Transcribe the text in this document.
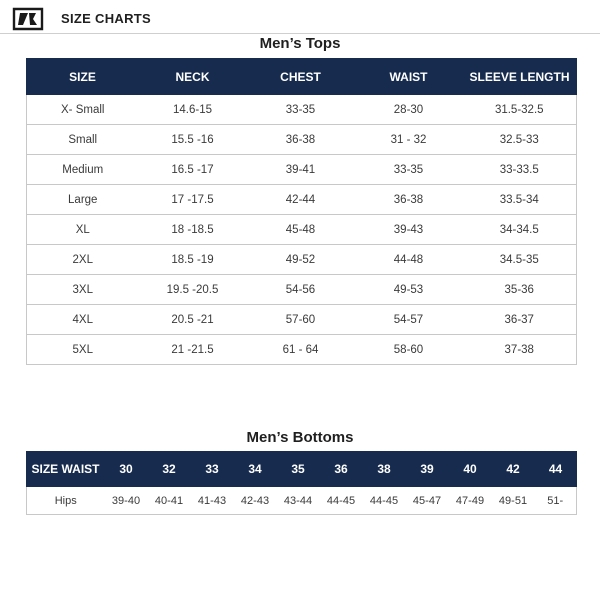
SIZE CHARTS
Men’s Tops
SIZE	NECK	CHEST	WAIST	SLEEVE LENGTH
X- Small	14.6-15	33-35	28-30	31.5-32.5
Small	15.5 -16	36-38	31 - 32	32.5-33
Medium	16.5 -17	39-41	33-35	33-33.5
Large	17 -17.5	42-44	36-38	33.5-34
XL	18 -18.5	45-48	39-43	34-34.5
2XL	18.5 -19	49-52	44-48	34.5-35
3XL	19.5 -20.5	54-56	49-53	35-36
4XL	20.5 -21	57-60	54-57	36-37
5XL	21 -21.5	61 - 64	58-60	37-38
Men’s Bottoms
SIZE WAIST	30	32	33	34	35	36	38	39	40	42	44
Hips	39-40	40-41	41-43	42-43	43-44	44-45	44-45	45-47	47-49	49-51	51-
